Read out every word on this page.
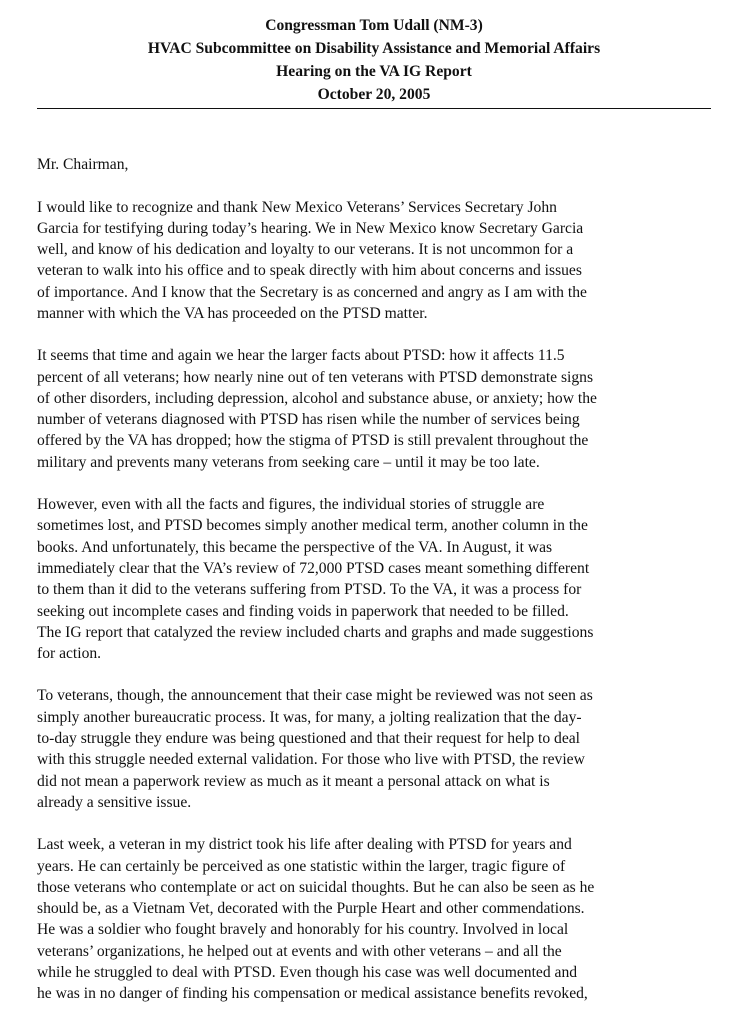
Congressman Tom Udall (NM-3)
HVAC Subcommittee on Disability Assistance and Memorial Affairs
Hearing on the VA IG Report
October 20, 2005

Mr. Chairman,

I would like to recognize and thank New Mexico Veterans’ Services Secretary John
Garcia for testifying during today’s hearing. We in New Mexico know Secretary Garcia
well, and know of his dedication and loyalty to our veterans. It is not uncommon for a
veteran to walk into his office and to speak directly with him about concerns and issues
of importance. And I know that the Secretary is as concerned and angry as I am with the
manner with which the VA has proceeded on the PTSD matter.

It seems that time and again we hear the larger facts about PTSD: how it affects 11.5
percent of all veterans; how nearly nine out of ten veterans with PTSD demonstrate signs
of other disorders, including depression, alcohol and substance abuse, or anxiety; how the
number of veterans diagnosed with PTSD has risen while the number of services being
offered by the VA has dropped; how the stigma of PTSD is still prevalent throughout the
military and prevents many veterans from seeking care – until it may be too late.

However, even with all the facts and figures, the individual stories of struggle are
sometimes lost, and PTSD becomes simply another medical term, another column in the
books. And unfortunately, this became the perspective of the VA. In August, it was
immediately clear that the VA’s review of 72,000 PTSD cases meant something different
to them than it did to the veterans suffering from PTSD. To the VA, it was a process for
seeking out incomplete cases and finding voids in paperwork that needed to be filled.
The IG report that catalyzed the review included charts and graphs and made suggestions
for action.

To veterans, though, the announcement that their case might be reviewed was not seen as
simply another bureaucratic process. It was, for many, a jolting realization that the day-
to-day struggle they endure was being questioned and that their request for help to deal
with this struggle needed external validation. For those who live with PTSD, the review
did not mean a paperwork review as much as it meant a personal attack on what is
already a sensitive issue.

Last week, a veteran in my district took his life after dealing with PTSD for years and
years. He can certainly be perceived as one statistic within the larger, tragic figure of
those veterans who contemplate or act on suicidal thoughts. But he can also be seen as he
should be, as a Vietnam Vet, decorated with the Purple Heart and other commendations.
He was a soldier who fought bravely and honorably for his country. Involved in local
veterans’ organizations, he helped out at events and with other veterans – and all the
while he struggled to deal with PTSD. Even though his case was well documented and
he was in no danger of finding his compensation or medical assistance benefits revoked,
